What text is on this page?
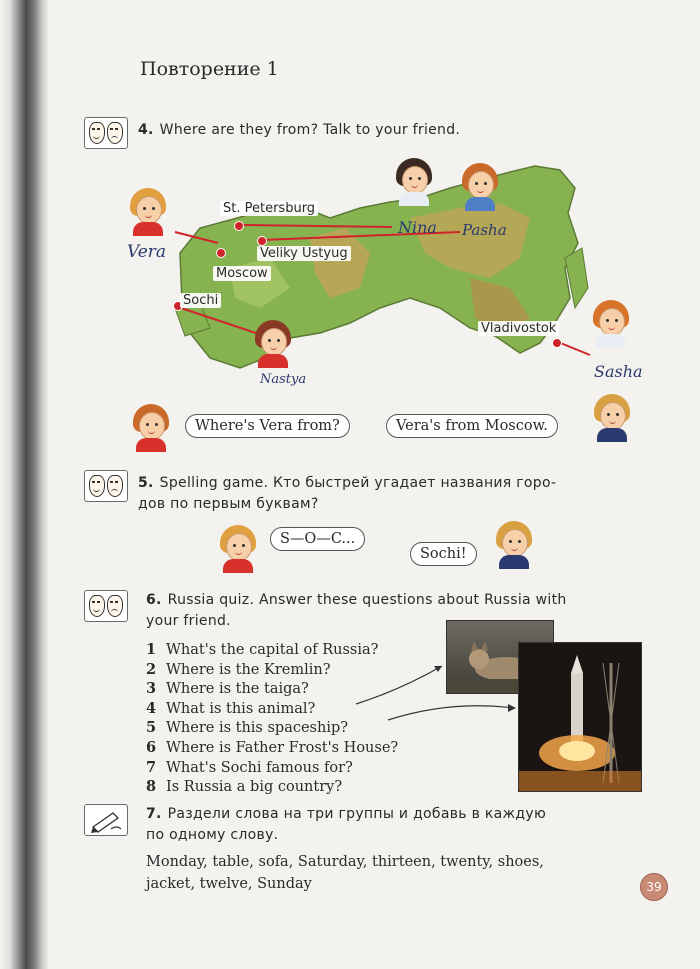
Повторение 1
4. Where are they from? Talk to your friend.
St. Petersburg
Veliky Ustyug
Moscow
Sochi
Vladivostok
Vera
Nina Pasha
Nastya	Sasha
Where's Vera from?	Vera's from Moscow.
5. Spelling game. Кто быстрей угадает названия горо-
дов по первым буквам?
S—O—C...
Sochi!
6. Russia quiz. Answer these questions about Russia with
your friend.
1 What's the capital of Russia?
2 Where is the Kremlin?
3 Where is the taiga?
4 What is this animal?
5 Where is this spaceship?
6 Where is Father Frost's House?
7 What's Sochi famous for?
8 Is Russia a big country?
7. Раздели слова на три группы и добавь в каждую
по одному слову.
Monday, table, sofa, Saturday, thirteen, twenty, shoes,
jacket, twelve, Sunday	39
